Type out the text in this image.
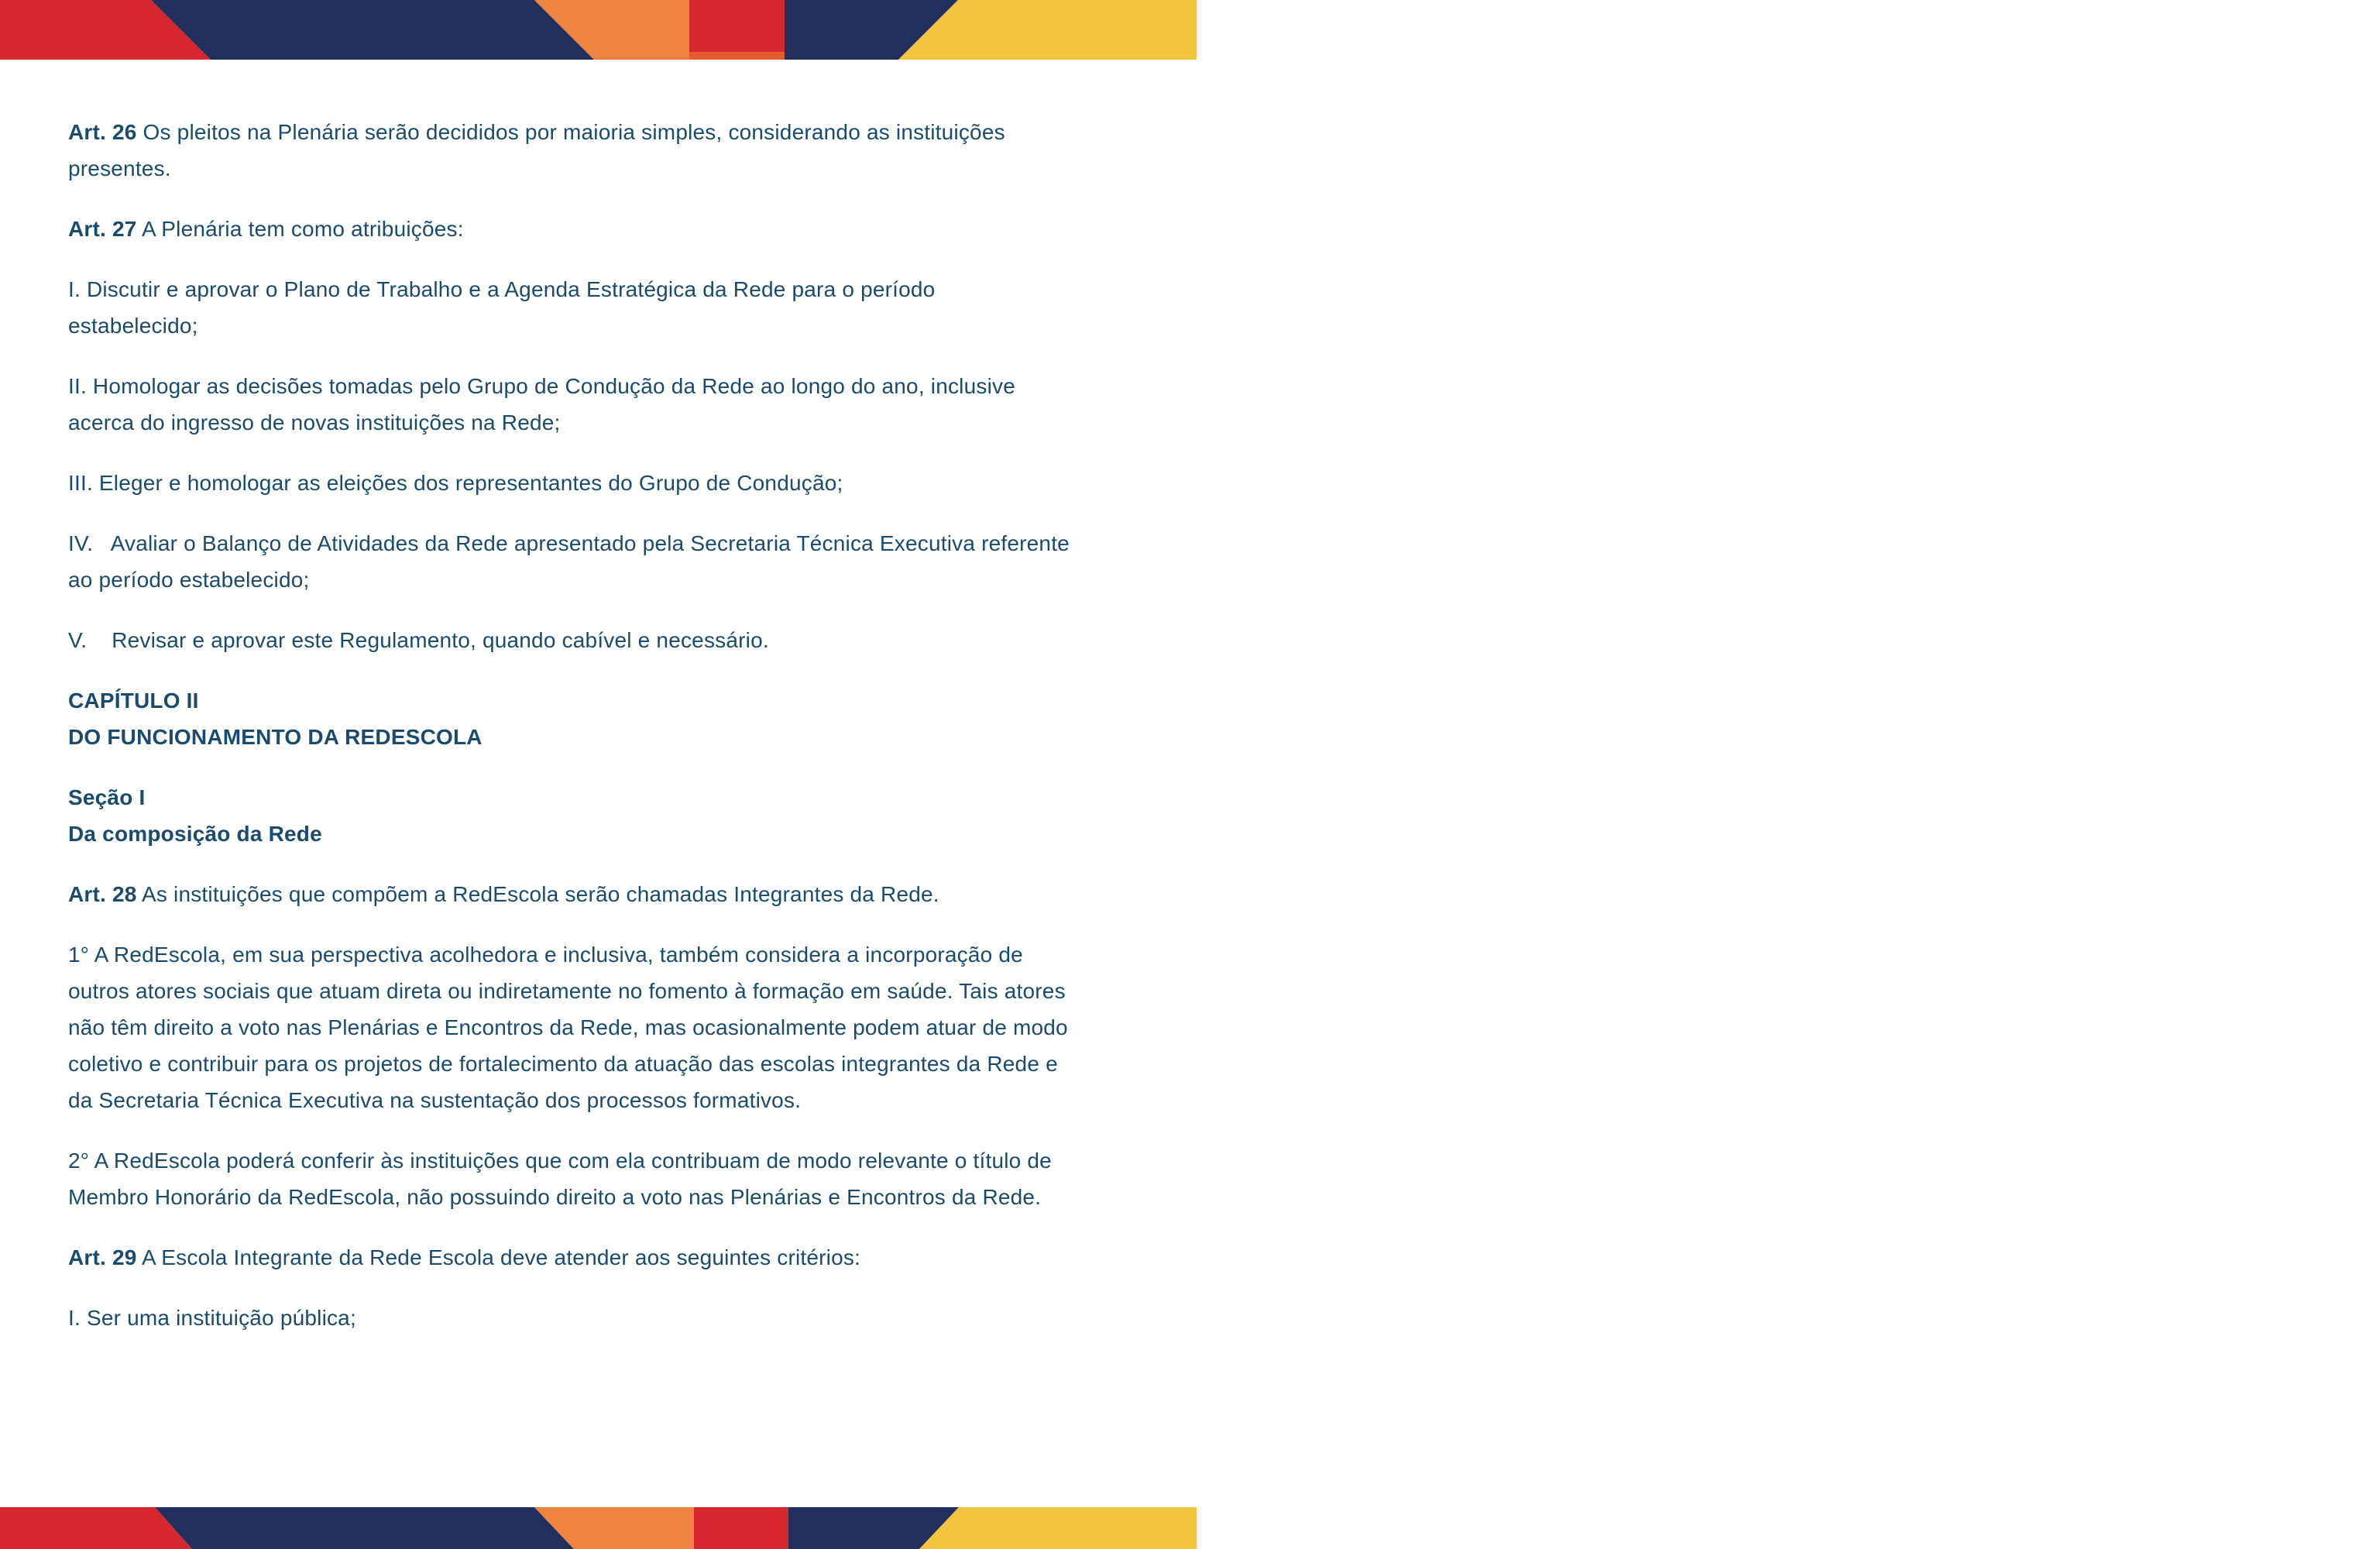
REDESCOLA
REDE BRASILEIRA DE ESCOLAS DE SAÚDE PÚBLICA
ESCOLA NACIONAL DE SAÚDE PÚBLICA
SERGIO AROUCA
ENSP
FIOCRUZ
Art. 26 Os pleitos na Plenária serão decididos por maioria simples, considerando as instituições presentes.
Art. 27 A Plenária tem como atribuições:
I. Discutir e aprovar o Plano de Trabalho e a Agenda Estratégica da Rede para o período estabelecido;
II. Homologar as decisões tomadas pelo Grupo de Condução da Rede ao longo do ano, inclusive acerca do ingresso de novas instituições na Rede;
III. Eleger e homologar as eleições dos representantes do Grupo de Condução;
IV.   Avaliar o Balanço de Atividades da Rede apresentado pela Secretaria Técnica Executiva referente ao período estabelecido;
V.    Revisar e aprovar este Regulamento, quando cabível e necessário.
CAPÍTULO II
DO FUNCIONAMENTO DA REDESCOLA
Seção I
Da composição da Rede
Art. 28 As instituições que compõem a RedEscola serão chamadas Integrantes da Rede.
1° A RedEscola, em sua perspectiva acolhedora e inclusiva, também considera a incorporação de outros atores sociais que atuam direta ou indiretamente no fomento à formação em saúde. Tais atores não têm direito a voto nas Plenárias e Encontros da Rede, mas ocasionalmente podem atuar de modo coletivo e contribuir para os projetos de fortalecimento da atuação das escolas integrantes da Rede e da Secretaria Técnica Executiva na sustentação dos processos formativos.
2° A RedEscola poderá conferir às instituições que com ela contribuam de modo relevante o título de Membro Honorário da RedEscola, não possuindo direito a voto nas Plenárias e Encontros da Rede.
Art. 29 A Escola Integrante da Rede Escola deve atender aos seguintes critérios:
I. Ser uma instituição pública;
